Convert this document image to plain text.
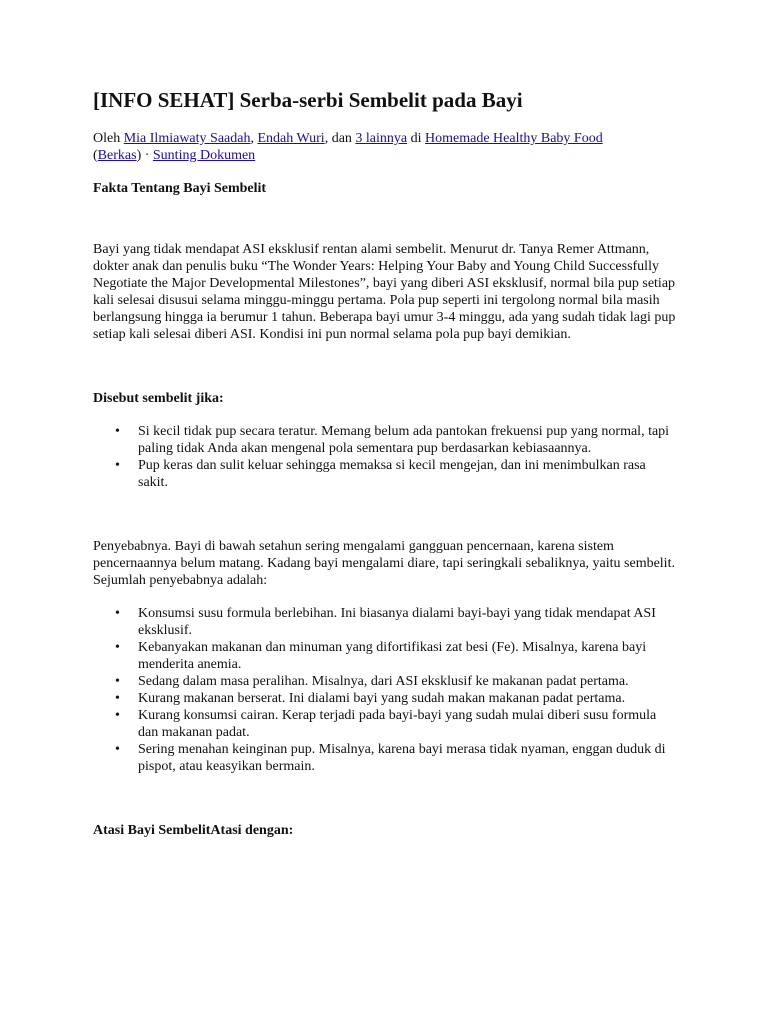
[INFO SEHAT] Serba-serbi Sembelit pada Bayi

Oleh Mia Ilmiawaty Saadah, Endah Wuri, dan 3 lainnya di Homemade Healthy Baby Food
(Berkas) · Sunting Dokumen

Fakta Tentang Bayi Sembelit

Bayi yang tidak mendapat ASI eksklusif rentan alami sembelit. Menurut dr. Tanya Remer Attmann, dokter anak dan penulis buku “The Wonder Years: Helping Your Baby and Young Child Successfully Negotiate the Major Developmental Milestones”, bayi yang diberi ASI eksklusif, normal bila pup setiap kali selesai disusui selama minggu-minggu pertama. Pola pup seperti ini tergolong normal bila masih berlangsung hingga ia berumur 1 tahun. Beberapa bayi umur 3-4 minggu, ada yang sudah tidak lagi pup setiap kali selesai diberi ASI. Kondisi ini pun normal selama pola pup bayi demikian.

Disebut sembelit jika:

• Si kecil tidak pup secara teratur. Memang belum ada pantokan frekuensi pup yang normal, tapi paling tidak Anda akan mengenal pola sementara pup berdasarkan kebiasaannya.
• Pup keras dan sulit keluar sehingga memaksa si kecil mengejan, dan ini menimbulkan rasa sakit.

Penyebabnya. Bayi di bawah setahun sering mengalami gangguan pencernaan, karena sistem pencernaannya belum matang. Kadang bayi mengalami diare, tapi seringkali sebaliknya, yaitu sembelit. Sejumlah penyebabnya adalah:

• Konsumsi susu formula berlebihan. Ini biasanya dialami bayi-bayi yang tidak mendapat ASI eksklusif.
• Kebanyakan makanan dan minuman yang difortifikasi zat besi (Fe). Misalnya, karena bayi menderita anemia.
• Sedang dalam masa peralihan. Misalnya, dari ASI eksklusif ke makanan padat pertama.
• Kurang makanan berserat. Ini dialami bayi yang sudah makan makanan padat pertama.
• Kurang konsumsi cairan. Kerap terjadi pada bayi-bayi yang sudah mulai diberi susu formula dan makanan padat.
• Sering menahan keinginan pup. Misalnya, karena bayi merasa tidak nyaman, enggan duduk di pispot, atau keasyikan bermain.

Atasi Bayi SembelitAtasi dengan:
